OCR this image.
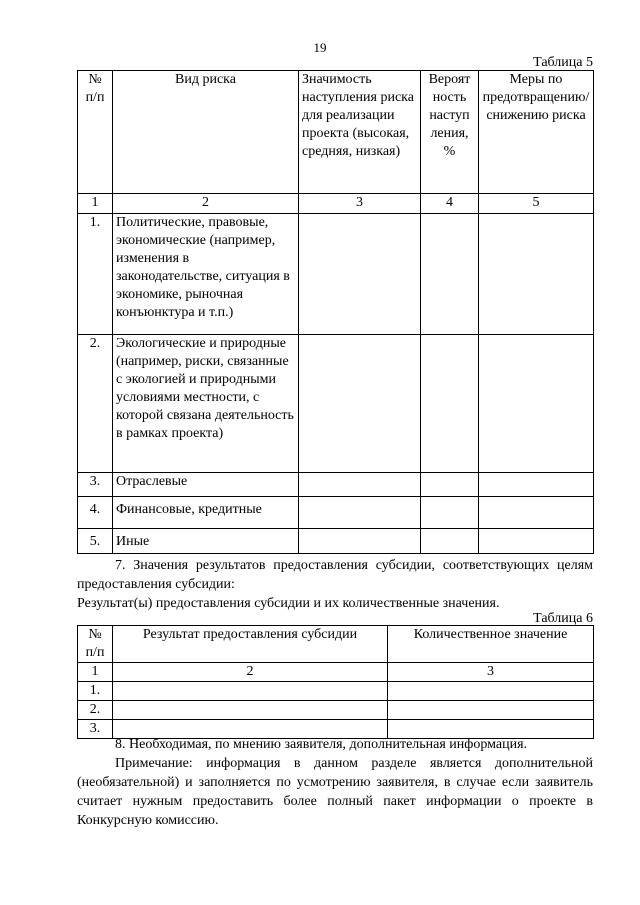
19
Таблица 5
№ п/п	Вид риска	Значимость наступления риска для реализации проекта (высокая, средняя, низкая)	Вероят ность наступ ления, %	Меры по предотвращению/ снижению риска
1	2	3	4	5
1.	Политические, правовые, экономические (например, изменения в законодательстве, ситуация в экономике, рыночная конъюнктура и т.п.)			
2.	Экологические и природные (например, риски, связанные с экологией и природными условиями местности, с которой связана деятельность в рамках проекта)			
3.	Отраслевые			
4.	Финансовые, кредитные			
5.	Иные			
7. Значения результатов предоставления субсидии, соответствующих целям предоставления субсидии:
Результат(ы) предоставления субсидии и их количественные значения.
Таблица 6
№ п/п	Результат предоставления субсидии	Количественное значение
1	2	3
1.		
2.		
3.		
8. Необходимая, по мнению заявителя, дополнительная информация.
Примечание: информация в данном разделе является дополнительной (необязательной) и заполняется по усмотрению заявителя, в случае если заявитель считает нужным предоставить более полный пакет информации о проекте в Конкурсную комиссию.
